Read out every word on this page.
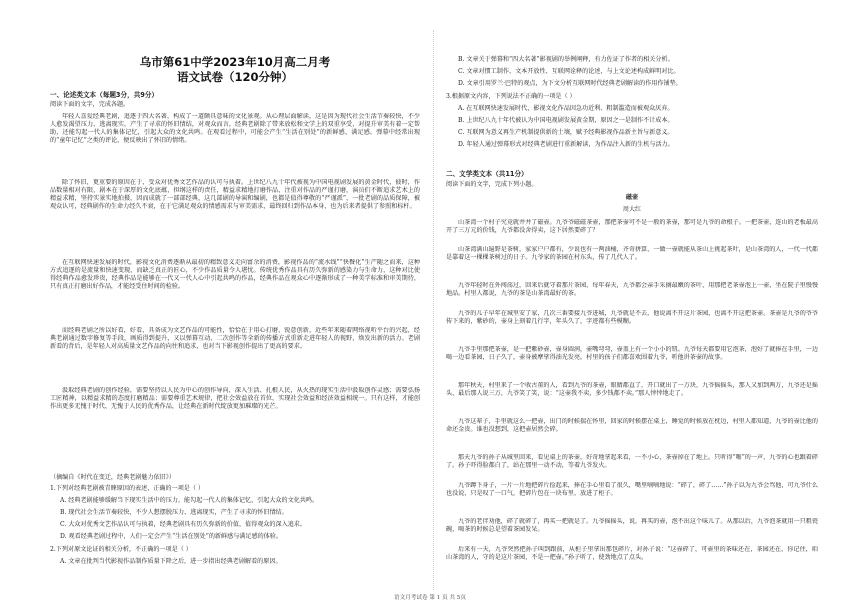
乌市第61中学2023年10月高二月考
语文试卷（120分钟）
一、论述类文本（每题3分，共9分）
阅读下面的文字，完成各题。
年轻人喜爱经典老剧，追逐于四大名著，构成了一道颇具意味的文化景观。从心理层面解读，这是因为现代社会生活节奏较快，不少人愈发渴望压力、逃离现实，产生了寻求的怀旧情结，对观众而言，经典老剧除了带来放松和文学上的双重享受，对提升审美有着一定帮助，还能勾起一代人的集体记忆，引起大众的文化共鸣。在观看过程中，可能会产生“生活在别处”的新鲜感、满足感。弹幕中经常出现的“童年记忆”之类的评论，便反映出了怀旧的情绪。
除了怀旧，更重要的原因在于，受众对优秀文艺作品的认可与执着。上世纪八九十年代被视为中国电视剧发展的黄金时代，彼时，作品数量相对有限，剧本在于深厚的文化底蕴，担纲这样的责任，精益求精地打磨作品，注重对作品的严谨打磨，演员们不断追求艺术上的精益求精，坚持实景实地拍摄，因而成就了一部部经典，这几部剧的导演和编剧，也都是值得尊敬的“严谨派”，一批老剧的品质保障，被观众认可，经典剧作的生命力经久不衰，在于它满足观众的情感需求与审美需求，最终回归到作品本身，也为后来者提供了参照和标杆。
在互联网快速发展的时代，影视文化消费逐渐从最初的精致意义走向富余的消费，影视作品的“流水线”“快餐化”生产随之而来，这种方式追逐的是流量和快速变现，而缺乏真正的匠心，不少作品质量令人堪忧。传统优秀作品具有历久弥新的感染力与生命力，这种对比使得经典作品愈发珍贵，经典作品是能够在一代又一代人心中引起共鸣的作品，经典作品在观众心中逐渐形成了一种美学标准和审美期待，只有真正打磨出好作品，才能经受住时间的检验。
而经典老剧之所以好看，好看，具备成为文艺作品的可能性，恰恰在于用心打磨，锐意创新，近些年来随着网络视听平台的兴起，经典老剧通过数字修复等手段，画质得到提升，又以弹幕互动、二次创作等全新的传播方式重新走进年轻人的视野，焕发出新的活力。老剧新看的背后，是年轻人对高质量文艺作品的向往和追求，也对当下影视创作提出了更高的要求。
汲取经典老剧的创作经验，需要坚持以人民为中心的创作导向，深入生活、扎根人民，从火热的现实生活中汲取创作灵感；需要弘扬工匠精神，以精益求精的态度打磨精品；需要尊重艺术规律，把社会效益放在首位，实现社会效益和经济效益相统一。只有这样，才能创作出更多无愧于时代、无愧于人民的优秀作品，让经典在新时代绽放更加璀璨的光芒。
（摘编自《时代在变迁，经典老剧魅力依旧》）
1.下列对经典老剧被青睐原因的表述，正确的一项是（ ）
A. 经典老剧能够缓解当下现实生活中的压力，能勾起一代人的集体记忆，引起大众的文化共鸣。
B. 现代社会生活节奏较快，不少人想摆脱压力、逃离现实，产生了寻求的怀旧情结。
C. 大众对优秀文艺作品认可与执着，经典老剧具有历久弥新的价值，值得观众的深入追求。
D. 观看经典老剧过程中，人们一定会产生“生活在别处”的新鲜感与满足感的体验。
2.下列对原文论证的相关分析，不正确的一项是（ ）
A. 文章在批判当代影视作品制作质量下降之后，进一步指出经典老剧解看的原因。
B. 文章关于弹幕和“四大名著”影视剧的举例阐释，有力佐证了作者的相关分析。
C. 文章对惯工制作、文本开放性、互联网诠释的论述，与上文论述构成鲜明对比。
D. 文章引用罗兰·巴特的观点，为下文分析互联网时代经典老剧解读的作用作铺垫。
3.根据原文内容，下列说法不正确的一项是（ ）
A. 在互联网快速发展时代，影视文化作品因急功近利、粗制滥造而被观众厌弃。
B. 上世纪八九十年代被认为中国电视剧发展黄金期，原因之一是制作不计成本。
C. 互联网为意义再生产机制提供新的土壤，赋予经典影视作品新主旨与新意义。
D. 年轻人通过弹幕形式对经典老剧进行重新解读，为作品注入新的生机与活力。
二、文学类文本（共11分）
阅读下面的文字，完成下列小题。
磁壶
周大红
山茶湾一个村子究竟就井井了磁壶。九爷爷磁磁茶壶，那把茶壶可不是一般的茶壶，那可是九爷的命根子。一把茶壶，连山的老板最高开了三万元的价钱，九爷都没舍得卖，这下居然要碎了？
山茶湾满山遍野是茶树，家家户户都有，少说也有一两油桶，齐奇拼算，一做一壶就能从茶山上挑起茶叶，是山茶湾的人，一代一代都是靠着这一棵棵茶树过的日子。九爷家的茶园在村东头，传了几代人了。
九爷年轻时在外闯荡过，回来后就守着那片茶园，每年春天，九爷都会亲手采摘最嫩的茶叶，用那把老茶壶泡上一壶，坐在院子里慢慢地品。村里人都说，九爷的茶是山茶湾最好的茶。
九爷的儿子早年在城里安了家，几次三番要接九爷进城，九爷就是不去，他说离不开这片茶园，也离不开这把茶壶。茶壶是九爷的爷爷传下来的，紫砂的，壶身上刻着几行字，年头久了，字迹都有些模糊。
九爷手里那把茶壶，是一把紫砂壶，壶身圆润，壶嘴弯弯，壶盖上有一个小小的钮。九爷每天都要用它泡茶，泡好了就捧在手里，一边喝一边看茶园，日子久了，壶身被摩挲得油光发亮。村里的孩子们都喜欢围着九爷，听他讲茶壶的故事。
那年秋天，村里来了一个收古董的人，看到九爷的茶壶，眼睛都直了，开口就出了一万块，九爷摇摇头，那人又加到两万，九爷还是摇头，最后那人说三万，九爷笑了笑，说：“这壶我不卖，多少钱都不卖。”那人悻悻地走了。
九爷这辈子，手里就这么一把壶，出门的时候揣在怀里，回家的时候摆在桌上，睡觉的时候放在枕边，村里人都知道，九爷的壶比他的命还金贵。谁也没想到，这把壶居然会碎。
那天九爷的孙子从城里回来，看见桌上的茶壶，好奇地拿起来看，一不小心，茶壶掉在了地上。只听得“啪”的一声，九爷的心也跟着碎了。孙子吓得脸都白了，站在那里一动不动，等着九爷发火。
九爷蹲下身子，一片一片地把碎片捡起来，捧在手心里看了很久，嘴里喃喃地说：“碎了，碎了……”孙子以为九爷会骂他，可九爷什么也没说，只是叹了一口气，把碎片包在一块布里，放进了柜子。
九爷的老伴劝他，碎了就碎了，再买一把就是了。九爷摇摇头，说，再买的壶，泡不出这个味儿了。从那以后，九爷泡茶就用一只粗瓷碗，喝茶的时候总是望着茶园发呆。
后来有一天，九爷突然把孙子叫到跟前，从柜子里拿出那包碎片，对孙子说：“这壶碎了，可壶里的茶味还在，茶园还在，你记住，咱山茶湾的人，守的是这片茶园，不是一把壶。”孙子听了，使劲地点了点头。
语文月考试卷 第 1 页 共 5页
